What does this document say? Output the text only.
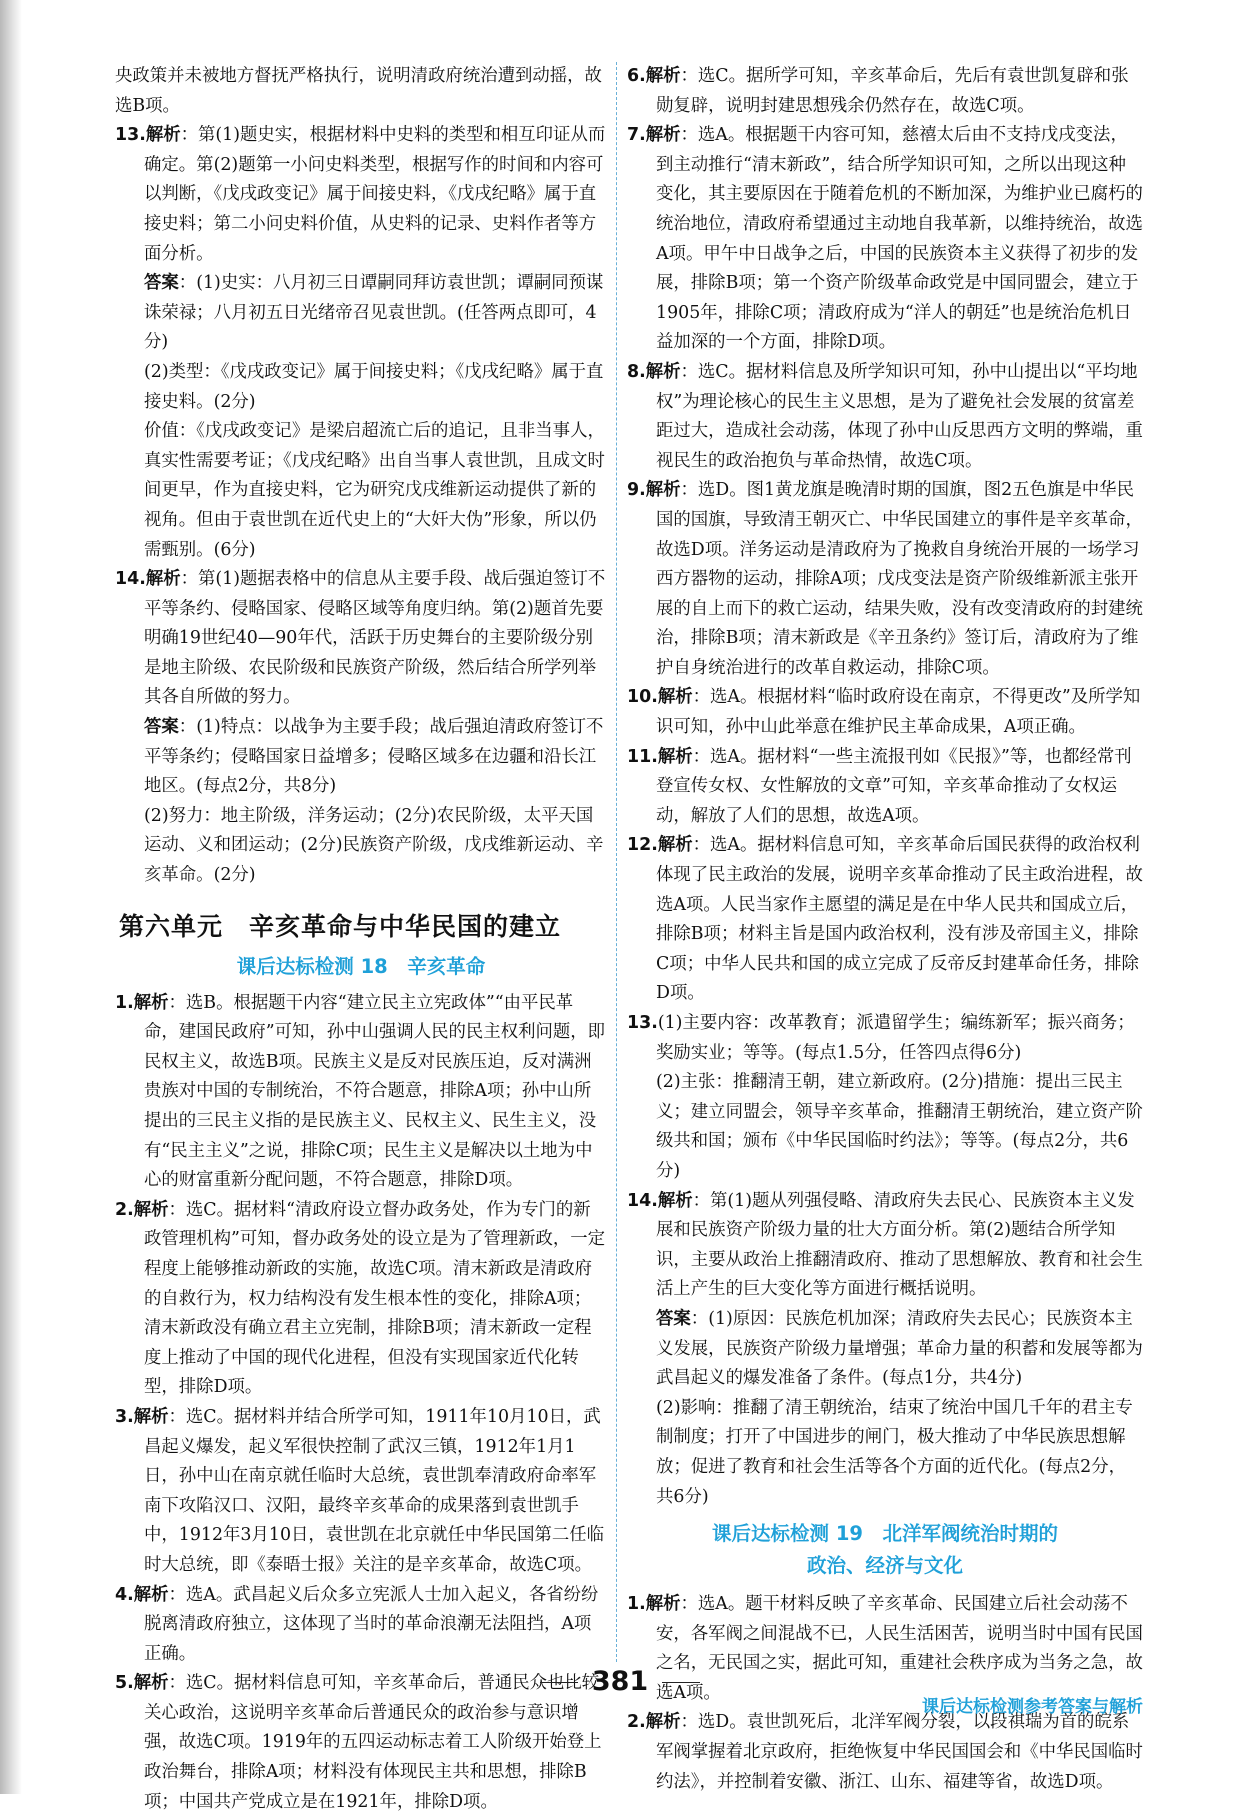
央政策并未被地方督抚严格执行，说明清政府统治遭到动摇，故选B项。

13.解析：第(1)题史实，根据材料中史料的类型和相互印证从而确定。第(2)题第一小问史料类型，根据写作的时间和内容可以判断，《戊戌政变记》属于间接史料，《戊戌纪略》属于直接史料；第二小问史料价值，从史料的记录、史料作者等方面分析。

答案：(1)史实：八月初三日谭嗣同拜访袁世凯；谭嗣同预谋诛荣禄；八月初五日光绪帝召见袁世凯。(任答两点即可，4分)

(2)类型：《戊戌政变记》属于间接史料；《戊戌纪略》属于直接史料。(2分)

价值：《戊戌政变记》是梁启超流亡后的追记，且非当事人，真实性需要考证；《戊戌纪略》出自当事人袁世凯，且成文时间更早，作为直接史料，它为研究戊戌维新运动提供了新的视角。但由于袁世凯在近代史上的“大奸大伪”形象，所以仍需甄别。(6分)

14.解析：第(1)题据表格中的信息从主要手段、战后强迫签订不平等条约、侵略国家、侵略区域等角度归纳。第(2)题首先要明确19世纪40—90年代，活跃于历史舞台的主要阶级分别是地主阶级、农民阶级和民族资产阶级，然后结合所学列举其各自所做的努力。

答案：(1)特点：以战争为主要手段；战后强迫清政府签订不平等条约；侵略国家日益增多；侵略区域多在边疆和沿长江地区。(每点2分，共8分)

(2)努力：地主阶级，洋务运动；(2分)农民阶级，太平天国运动、义和团运动；(2分)民族资产阶级，戊戌维新运动、辛亥革命。(2分)

第六单元　辛亥革命与中华民国的建立
课后达标检测 18　辛亥革命

1.解析：选B。根据题干内容“建立民主立宪政体”“由平民革命，建国民政府”可知，孙中山强调人民的民主权利问题，即民权主义，故选B项。民族主义是反对民族压迫，反对满洲贵族对中国的专制统治，不符合题意，排除A项；孙中山所提出的三民主义指的是民族主义、民权主义、民生主义，没有“民主主义”之说，排除C项；民生主义是解决以土地为中心的财富重新分配问题，不符合题意，排除D项。

2.解析：选C。据材料“清政府设立督办政务处，作为专门的新政管理机构”可知，督办政务处的设立是为了管理新政，一定程度上能够推动新政的实施，故选C项。清末新政是清政府的自救行为，权力结构没有发生根本性的变化，排除A项；清末新政没有确立君主立宪制，排除B项；清末新政一定程度上推动了中国的现代化进程，但没有实现国家近代化转型，排除D项。

3.解析：选C。据材料并结合所学可知，1911年10月10日，武昌起义爆发，起义军很快控制了武汉三镇，1912年1月1日，孙中山在南京就任临时大总统，袁世凯奉清政府命率军南下攻陷汉口、汉阳，最终辛亥革命的成果落到袁世凯手中，1912年3月10日，袁世凯在北京就任中华民国第二任临时大总统，即《泰晤士报》关注的是辛亥革命，故选C项。

4.解析：选A。武昌起义后众多立宪派人士加入起义，各省纷纷脱离清政府独立，这体现了当时的革命浪潮无法阻挡，A项正确。

5.解析：选C。据材料信息可知，辛亥革命后，普通民众也比较关心政治，这说明辛亥革命后普通民众的政治参与意识增强，故选C项。1919年的五四运动标志着工人阶级开始登上政治舞台，排除A项；材料没有体现民主共和思想，排除B项；中国共产党成立是在1921年，排除D项。

6.解析：选C。据所学可知，辛亥革命后，先后有袁世凯复辟和张勋复辟，说明封建思想残余仍然存在，故选C项。

7.解析：选A。根据题干内容可知，慈禧太后由不支持戊戌变法，到主动推行“清末新政”，结合所学知识可知，之所以出现这种变化，其主要原因在于随着危机的不断加深，为维护业已腐朽的统治地位，清政府希望通过主动地自我革新，以维持统治，故选A项。甲午中日战争之后，中国的民族资本主义获得了初步的发展，排除B项；第一个资产阶级革命政党是中国同盟会，建立于1905年，排除C项；清政府成为“洋人的朝廷”也是统治危机日益加深的一个方面，排除D项。

8.解析：选C。据材料信息及所学知识可知，孙中山提出以“平均地权”为理论核心的民生主义思想，是为了避免社会发展的贫富差距过大，造成社会动荡，体现了孙中山反思西方文明的弊端，重视民生的政治抱负与革命热情，故选C项。

9.解析：选D。图1黄龙旗是晚清时期的国旗，图2五色旗是中华民国的国旗，导致清王朝灭亡、中华民国建立的事件是辛亥革命，故选D项。洋务运动是清政府为了挽救自身统治开展的一场学习西方器物的运动，排除A项；戊戌变法是资产阶级维新派主张开展的自上而下的救亡运动，结果失败，没有改变清政府的封建统治，排除B项；清末新政是《辛丑条约》签订后，清政府为了维护自身统治进行的改革自救运动，排除C项。

10.解析：选A。根据材料“临时政府设在南京，不得更改”及所学知识可知，孙中山此举意在维护民主革命成果，A项正确。

11.解析：选A。据材料“一些主流报刊如《民报》”等，也都经常刊登宣传女权、女性解放的文章”可知，辛亥革命推动了女权运动，解放了人们的思想，故选A项。

12.解析：选A。据材料信息可知，辛亥革命后国民获得的政治权利体现了民主政治的发展，说明辛亥革命推动了民主政治进程，故选A项。人民当家作主愿望的满足是在中华人民共和国成立后，排除B项；材料主旨是国内政治权利，没有涉及帝国主义，排除C项；中华人民共和国的成立完成了反帝反封建革命任务，排除D项。

13.(1)主要内容：改革教育；派遣留学生；编练新军；振兴商务；奖励实业；等等。(每点1.5分，任答四点得6分)

(2)主张：推翻清王朝，建立新政府。(2分)措施：提出三民主义；建立同盟会，领导辛亥革命，推翻清王朝统治，建立资产阶级共和国；颁布《中华民国临时约法》；等等。(每点2分，共6分)

14.解析：第(1)题从列强侵略、清政府失去民心、民族资本主义发展和民族资产阶级力量的壮大方面分析。第(2)题结合所学知识，主要从政治上推翻清政府、推动了思想解放、教育和社会生活上产生的巨大变化等方面进行概括说明。

答案：(1)原因：民族危机加深；清政府失去民心；民族资本主义发展，民族资产阶级力量增强；革命力量的积蓄和发展等都为武昌起义的爆发准备了条件。(每点1分，共4分)

(2)影响：推翻了清王朝统治，结束了统治中国几千年的君主专制制度；打开了中国进步的闸门，极大推动了中华民族思想解放；促进了教育和社会生活等各个方面的近代化。(每点2分，共6分)

课后达标检测 19　北洋军阀统治时期的
政治、经济与文化

1.解析：选A。题干材料反映了辛亥革命、民国建立后社会动荡不安，各军阀之间混战不已，人民生活困苦，说明当时中国有民国之名，无民国之实，据此可知，重建社会秩序成为当务之急，故选A项。

2.解析：选D。袁世凯死后，北洋军阀分裂，以段祺瑞为首的皖系军阀掌握着北京政府，拒绝恢复中华民国国会和《中华民国临时约法》，并控制着安徽、浙江、山东、福建等省，故选D项。

381
课后达标检测参考答案与解析
